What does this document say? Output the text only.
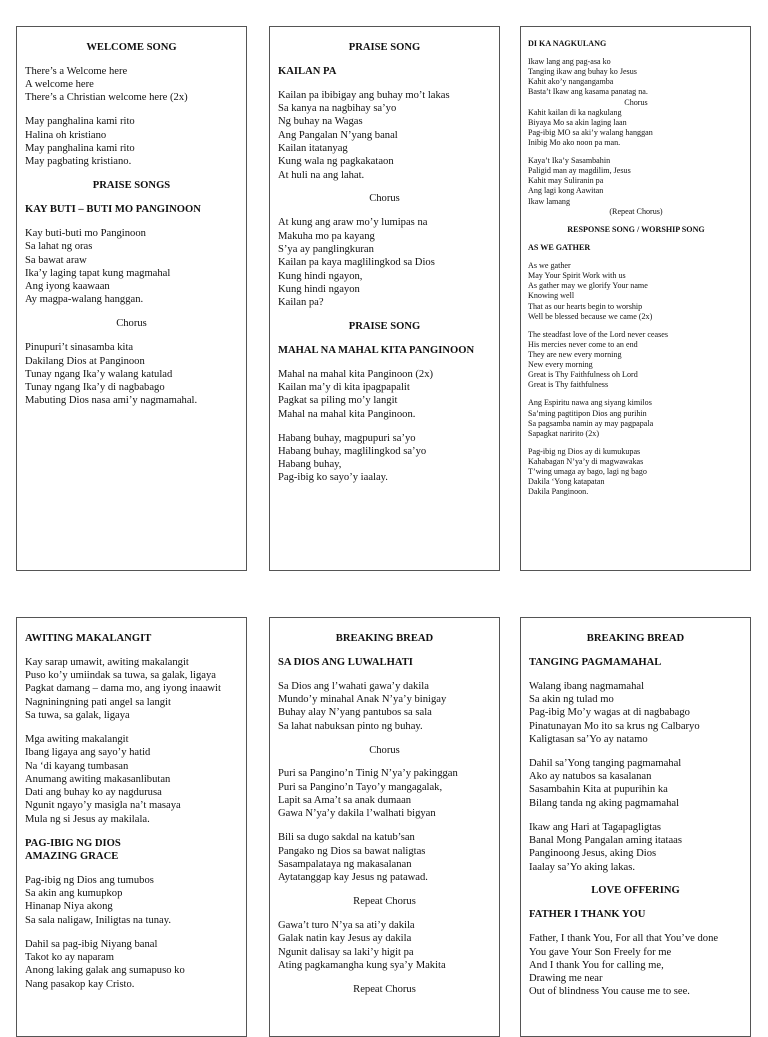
WELCOME SONG
There’s a Welcome here
A welcome here
There’s a Christian welcome here (2x)
May panghalina kami rito
Halina oh kristiano
May panghalina kami rito
May pagbating kristiano.
PRAISE SONGS
KAY BUTI – BUTI MO PANGINOON
Kay buti-buti mo Panginoon
Sa lahat ng oras
Sa bawat araw
Ika’y laging tapat kung magmahal
Ang iyong kaawaan
Ay magpa-walang hanggan.
Chorus
Pinupuri’t sinasamba kita
Dakilang Dios at Panginoon
Tunay ngang Ika’y walang katulad
Tunay ngang Ika’y di nagbabago
Mabuting Dios nasa ami’y nagmamahal.
PRAISE SONG
KAILAN PA
Kailan pa ibibigay ang buhay mo’t lakas
Sa kanya na nagbihay sa’yo
Ng buhay na Wagas
Ang Pangalan N’yang banal
Kailan itatanyag
Kung wala ng pagkakataon
At huli na ang lahat.
Chorus
At kung ang araw mo’y lumipas na
Makuha mo pa kayang
S’ya ay panglingkuran
Kailan pa kaya maglilingkod sa Dios
Kung hindi ngayon,
Kung hindi ngayon
Kailan pa?
PRAISE SONG
MAHAL NA MAHAL KITA PANGINOON
Mahal na mahal kita Panginoon (2x)
Kailan ma’y di kita ipagpapalit
Pagkat sa piling mo’y langit
Mahal na mahal kita Panginoon.
Habang buhay, magpupuri sa’yo
Habang buhay, maglilingkod sa’yo
Habang buhay,
Pag-ibig ko sayo’y iaalay.
DI KA NAGKULANG
Ikaw lang ang pag-asa ko
Tanging ikaw ang buhay ko Jesus
Kahit ako’y nangangamba
Basta’t Ikaw ang kasama panatag na.
Chorus
Kahit kailan di ka nagkulang
Biyaya Mo sa akin laging laan
Pag-ibig MO sa aki’y walang hanggan
Inibig Mo ako noon pa man.
Kaya’t Ika’y Sasambahin
Paligid man ay magdilim, Jesus
Kahit may Suliranin pa
Ang lagi kong Aawitan
Ikaw lamang
(Repeat Chorus)
RESPONSE SONG / WORSHIP SONG
AS WE GATHER
As we gather
May Your Spirit Work with us
As gather may we glorify Your name
Knowing well
That as our hearts begin to worship
Well be blessed because we came (2x)
The steadfast love of the Lord never ceases
His mercies never come to an end
They are new every morning
New every morning
Great is Thy Faithfulness oh Lord
Great is Thy faithfulness
Ang Espiritu nawa ang siyang kimilos
Sa’ming pagtitipon Dios ang purihin
Sa pagsamba namin ay may pagpapala
Sapagkat naririto (2x)
Pag-ibig ng Dios ay di kumukupas
Kahabagan N’ya’y di magwawakas
T’wing umaga ay bago, lagi ng bago
Dakila ‘Yong katapatan
Dakila Panginoon.
AWITING MAKALANGIT
Kay sarap umawit, awiting makalangit
Puso ko’y umiindak sa tuwa, sa galak, ligaya
Pagkat damang – dama mo, ang iyong inaawit
Nagniningning pati angel sa langit
Sa tuwa, sa galak, ligaya
Mga awiting makalangit
Ibang ligaya ang sayo’y hatid
Na ‘di kayang tumbasan
Anumang awiting makasanlibutan
Dati ang buhay ko ay nagdurusa
Ngunit ngayo’y masigla na’t masaya
Mula ng si Jesus ay makilala.
PAG-IBIG NG DIOS
AMAZING GRACE
Pag-ibig ng Dios ang tumubos
Sa akin ang kumupkop
Hinanap Niya akong
Sa sala naligaw, Iniligtas na tunay.
Dahil sa pag-ibig Niyang banal
Takot ko ay naparam
Anong laking galak ang sumapuso ko
Nang pasakop kay Cristo.
BREAKING BREAD
SA DIOS ANG LUWALHATI
Sa Dios ang l’wahati gawa’y dakila
Mundo’y minahal Anak N’ya’y binigay
Buhay alay N’yang pantubos sa sala
Sa lahat nabuksan pinto ng buhay.
Chorus
Puri sa Pangino’n Tinig N’ya’y pakinggan
Puri sa Pangino’n Tayo’y mangagalak,
Lapit sa Ama’t sa anak dumaan
Gawa N’ya’y dakila l’walhati bigyan
Bili sa dugo sakdal na katub’san
Pangako ng Dios sa bawat naligtas
Sasampalataya ng makasalanan
Aytatanggap kay Jesus ng patawad.
Repeat Chorus
Gawa’t turo N’ya sa ati’y dakila
Galak natin kay Jesus ay dakila
Ngunit dalisay sa laki’y higit pa
Ating pagkamangha kung sya’y Makita
Repeat Chorus
BREAKING BREAD
TANGING PAGMAMAHAL
Walang ibang nagmamahal
Sa akin ng tulad mo
Pag-ibig Mo’y wagas at di nagbabago
Pinatunayan Mo ito sa krus ng Calbaryo
Kaligtasan sa’Yo ay natamo
Dahil sa’Yong tanging pagmamahal
Ako ay natubos sa kasalanan
Sasambahin Kita at pupurihin ka
Bilang tanda ng aking pagmamahal
Ikaw ang Hari at Tagapagligtas
Banal Mong Pangalan aming itataas
Panginoong Jesus, aking Dios
Iaalay sa’Yo aking lakas.
LOVE OFFERING
FATHER I THANK YOU
Father, I thank You, For all that You’ve done
You gave Your Son Freely for me
And I thank You for calling me,
Drawing me near
Out of blindness You cause me to see.
